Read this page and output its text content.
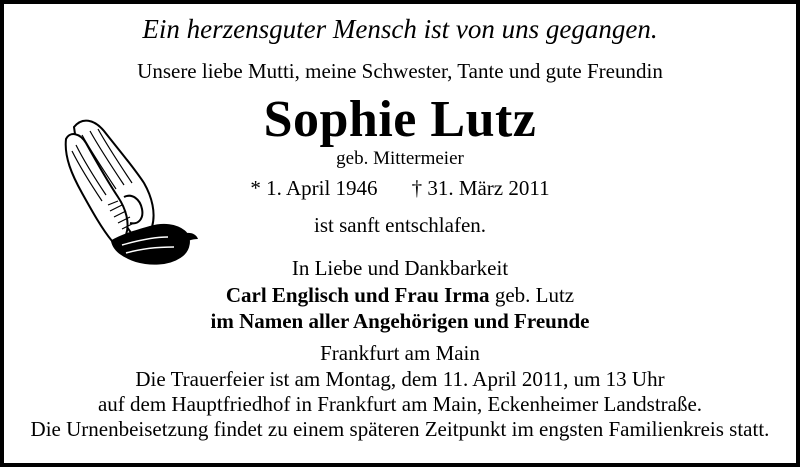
Ein herzensguter Mensch ist von uns gegangen.
Unsere liebe Mutti, meine Schwester, Tante und gute Freundin
Sophie Lutz
geb. Mittermeier
* 1. April 1946 † 31. März 2011
ist sanft entschlafen.
In Liebe und Dankbarkeit
Carl Englisch und Frau Irma geb. Lutz
im Namen aller Angehörigen und Freunde
Frankfurt am Main
Die Trauerfeier ist am Montag, dem 11. April 2011, um 13 Uhr
auf dem Hauptfriedhof in Frankfurt am Main, Eckenheimer Landstraße.
Die Urnenbeisetzung findet zu einem späteren Zeitpunkt im engsten Familienkreis statt.
